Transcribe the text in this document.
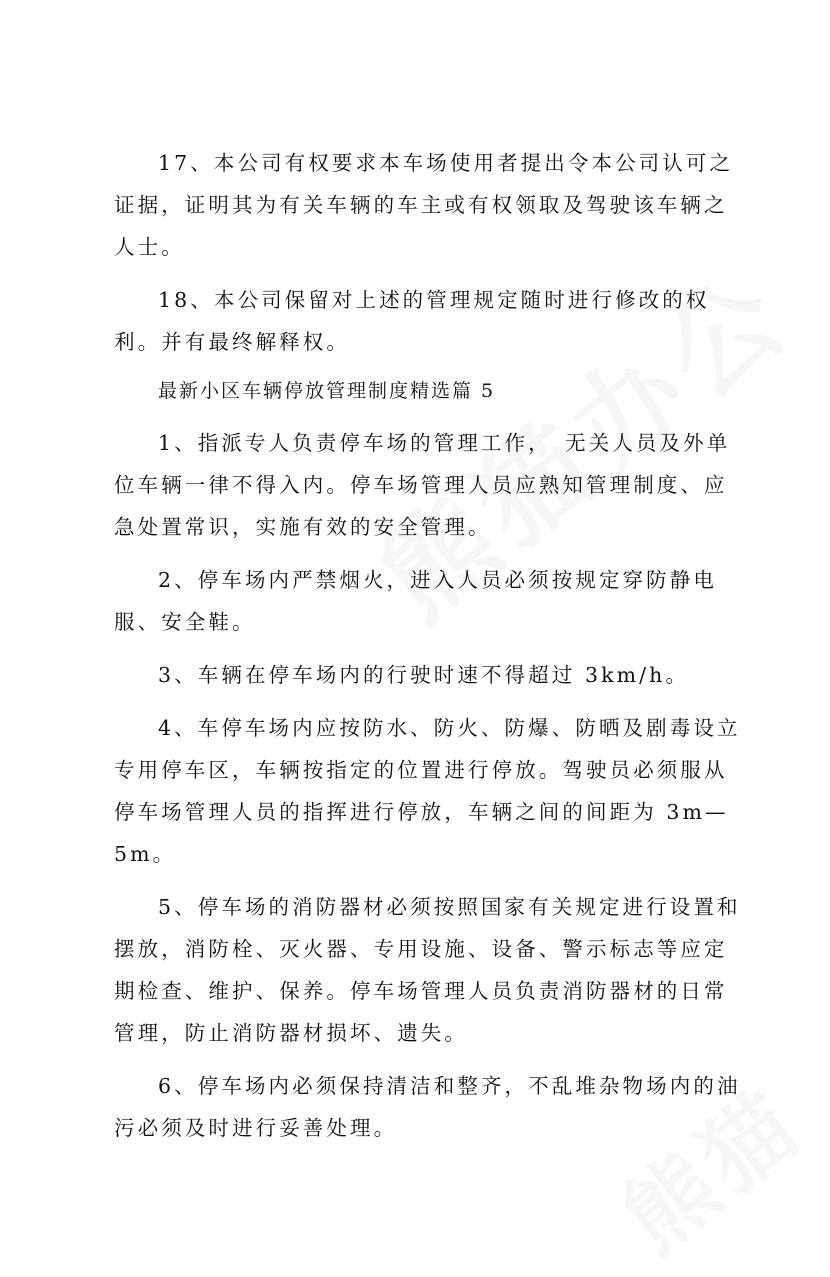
17、本公司有权要求本车场使用者提出令本公司认可之证据，证明其为有关车辆的车主或有权领取及驾驶该车辆之人士。

18、本公司保留对上述的管理规定随时进行修改的权利。并有最终解释权。

最新小区车辆停放管理制度精选篇 5

1、指派专人负责停车场的管理工作，　无关人员及外单位车辆一律不得入内。停车场管理人员应熟知管理制度、应急处置常识，实施有效的安全管理。

2、停车场内严禁烟火，进入人员必须按规定穿防静电服、安全鞋。

3、车辆在停车场内的行驶时速不得超过 3km/h。

4、车停车场内应按防水、防火、防爆、防晒及剧毒设立专用停车区，车辆按指定的位置进行停放。驾驶员必须服从停车场管理人员的指挥进行停放，车辆之间的间距为 3m—5m。

5、停车场的消防器材必须按照国家有关规定进行设置和摆放，消防栓、灭火器、专用设施、设备、警示标志等应定期检查、维护、保养。停车场管理人员负责消防器材的日常管理，防止消防器材损坏、遗失。

6、停车场内必须保持清洁和整齐，不乱堆杂物场内的油污必须及时进行妥善处理。
